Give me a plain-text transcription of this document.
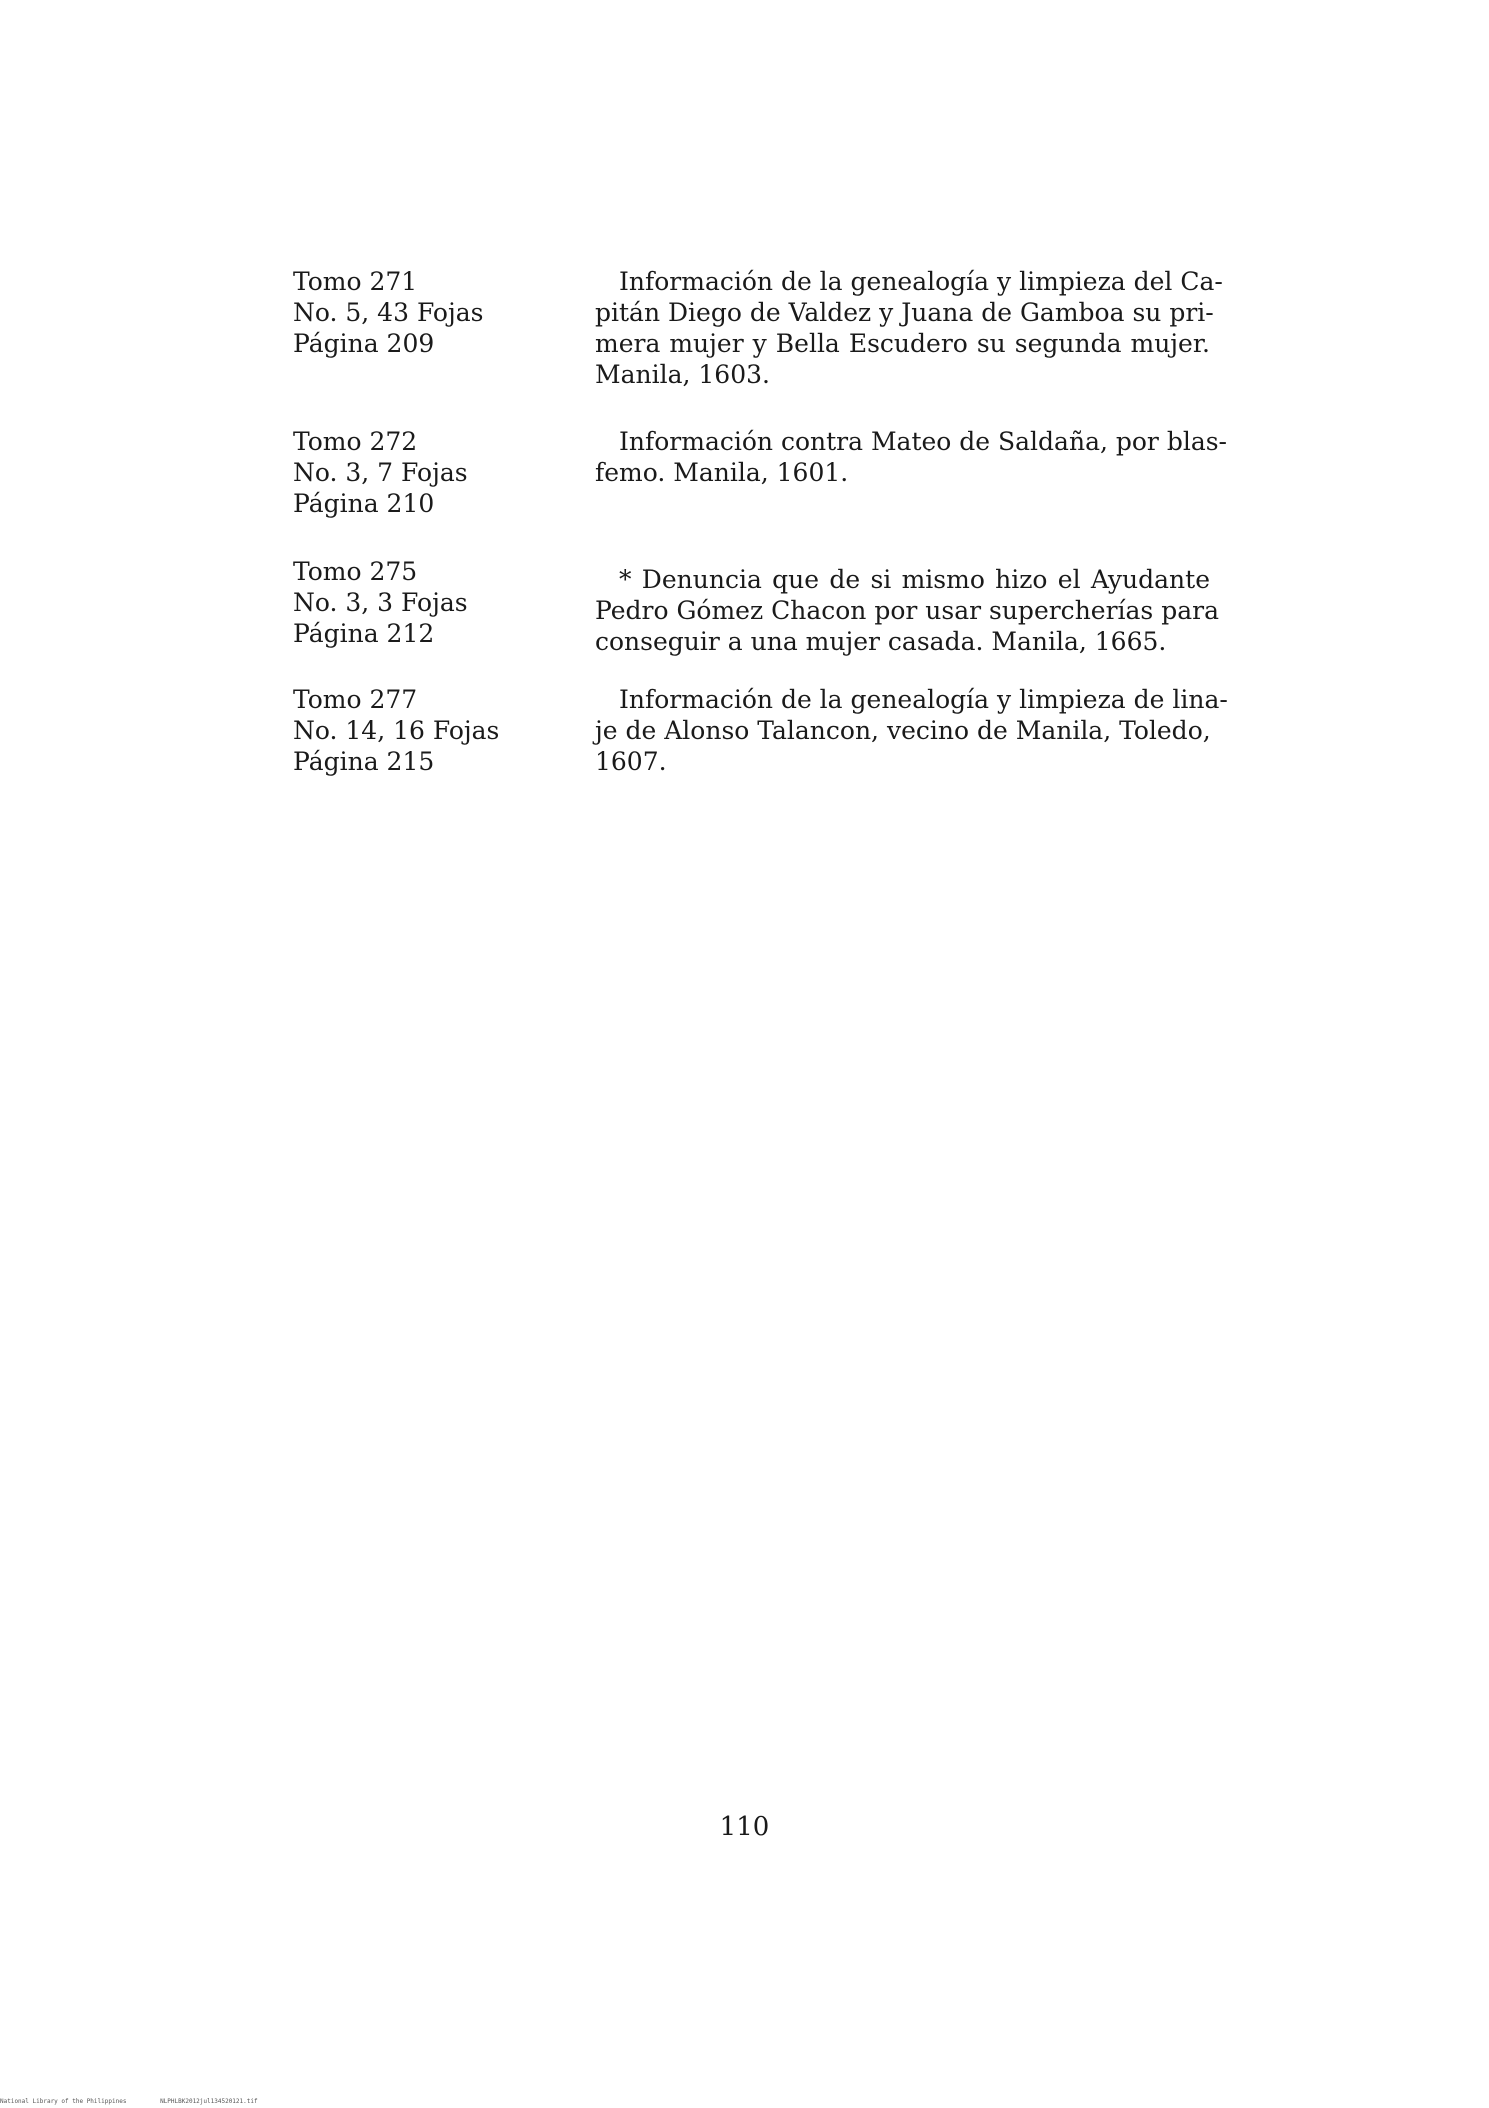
Tomo 271
No. 5, 43 Fojas
Página 209
Información de la genealogía y limpieza del Ca-
pitán Diego de Valdez y Juana de Gamboa su pri-
mera mujer y Bella Escudero su segunda mujer.
Manila, 1603.
Tomo 272
No. 3, 7 Fojas
Página 210
Información contra Mateo de Saldaña, por blas-
femo. Manila, 1601.
Tomo 275
No. 3, 3 Fojas
Página 212
* Denuncia que de si mismo hizo el Ayudante
Pedro Gómez Chacon por usar supercherías para
conseguir a una mujer casada. Manila, 1665.
Tomo 277
No. 14, 16 Fojas
Página 215
Información de la genealogía y limpieza de lina-
je de Alonso Talancon, vecino de Manila, Toledo,
1607.
110
National Library of the Philippines	NLPHLBK2012jul134520121.tif
